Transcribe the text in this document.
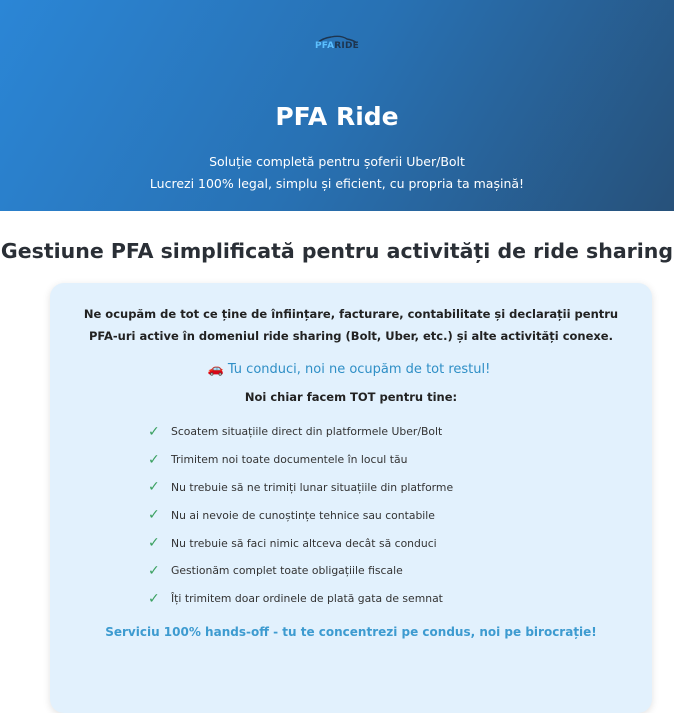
PFARIDE
PFA Ride
Soluție completă pentru șoferii Uber/Bolt
Lucrezi 100% legal, simplu și eficient, cu propria ta mașină!
Gestiune PFA simplificată pentru activități de ride sharing

Ne ocupăm de tot ce ține de înființare, facturare, contabilitate și declarații pentru PFA-uri active în domeniul ride sharing (Bolt, Uber, etc.) și alte activități conexe.

🚗 Tu conduci, noi ne ocupăm de tot restul!

Noi chiar facem TOT pentru tine:

✓	Scoatem situațiile direct din platformele Uber/Bolt
✓	Trimitem noi toate documentele în locul tău
✓	Nu trebuie să ne trimiți lunar situațiile din platforme
✓	Nu ai nevoie de cunoștințe tehnice sau contabile
✓	Nu trebuie să faci nimic altceva decât să conduci
✓	Gestionăm complet toate obligațiile fiscale
✓	Îți trimitem doar ordinele de plată gata de semnat

Serviciu 100% hands-off - tu te concentrezi pe condus, noi pe birocrație!
